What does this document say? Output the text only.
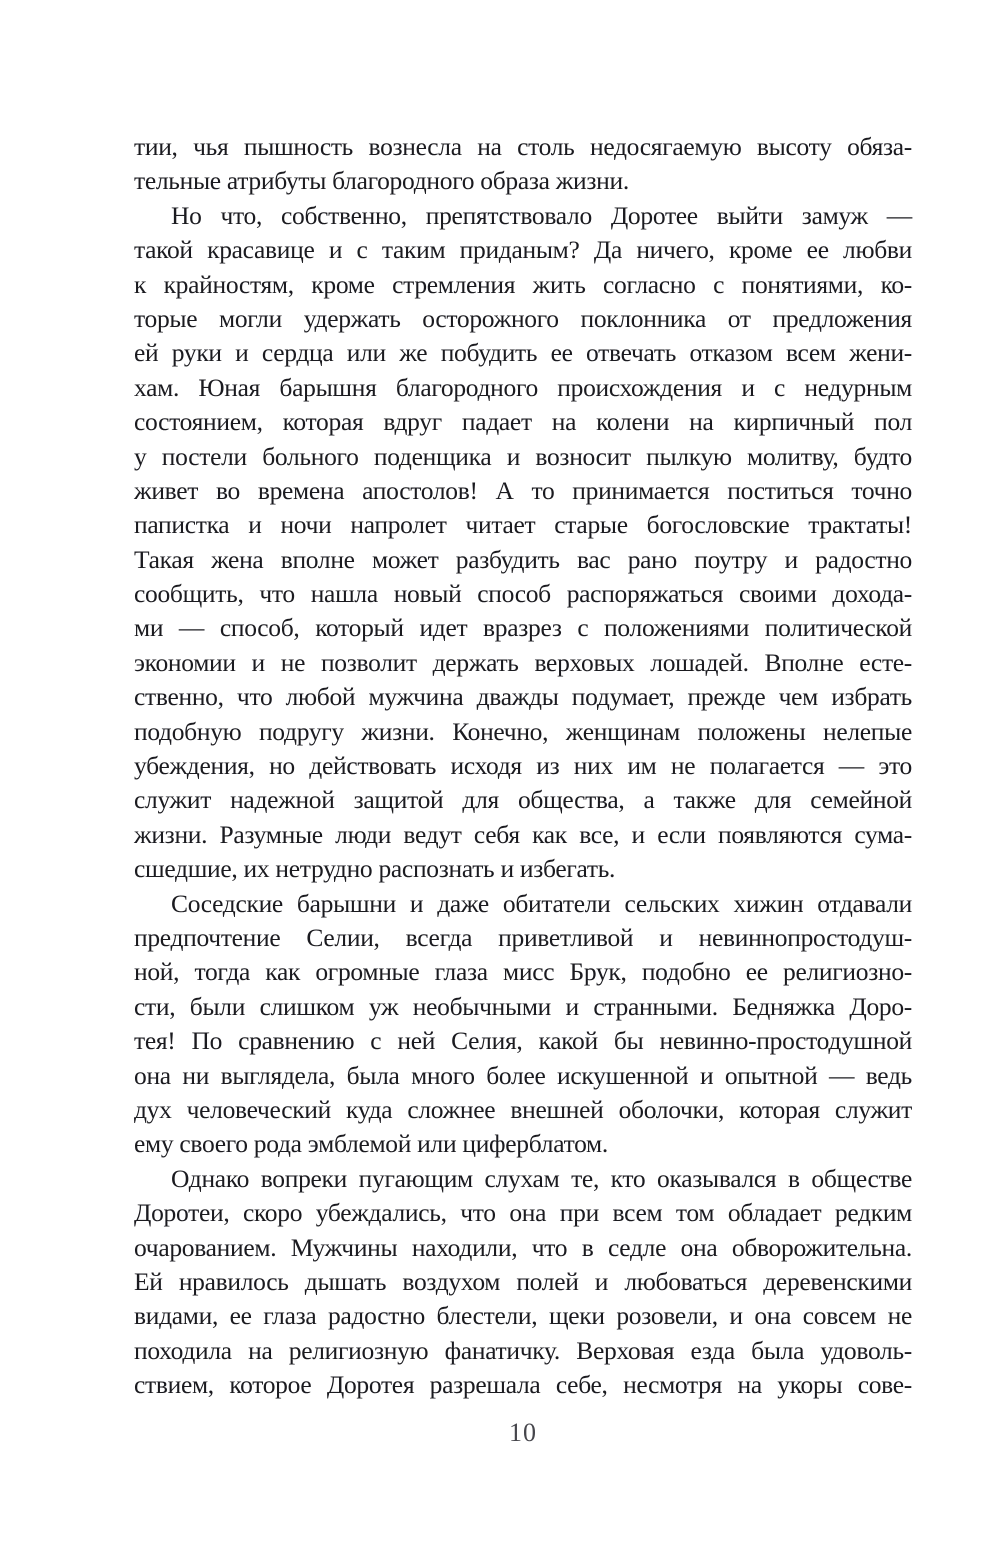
тии, чья пышность вознесла на столь недосягаемую высоту обяза-
тельные атрибуты благородного образа жизни.
Но что, собственно, препятствовало Доротее выйти замуж —
такой красавице и с таким приданым? Да ничего, кроме ее любви
к крайностям, кроме стремления жить согласно с понятиями, ко-
торые могли удержать осторожного поклонника от предложения
ей руки и сердца или же побудить ее отвечать отказом всем жени-
хам. Юная барышня благородного происхождения и с недурным
состоянием, которая вдруг падает на колени на кирпичный пол
у постели больного поденщика и возносит пылкую молитву, будто
живет во времена апостолов! А то принимается поститься точно
папистка и ночи напролет читает старые богословские трактаты!
Такая жена вполне может разбудить вас рано поутру и радостно
сообщить, что нашла новый способ распоряжаться своими дохода-
ми — способ, который идет вразрез с положениями политической
экономии и не позволит держать верховых лошадей. Вполне есте-
ственно, что любой мужчина дважды подумает, прежде чем избрать
подобную подругу жизни. Конечно, женщинам положены нелепые
убеждения, но действовать исходя из них им не полагается — это
служит надежной защитой для общества, а также для семейной
жизни. Разумные люди ведут себя как все, и если появляются сума-
сшедшие, их нетрудно распознать и избегать.
Соседские барышни и даже обитатели сельских хижин отдавали
предпочтение Селии, всегда приветливой и невиннопростодуш-
ной, тогда как огромные глаза мисс Брук, подобно ее религиозно-
сти, были слишком уж необычными и странными. Бедняжка Доро-
тея! По сравнению с ней Селия, какой бы невинно-простодушной
она ни выглядела, была много более искушенной и опытной — ведь
дух человеческий куда сложнее внешней оболочки, которая служит
ему своего рода эмблемой или циферблатом.
Однако вопреки пугающим слухам те, кто оказывался в обществе
Доротеи, скоро убеждались, что она при всем том обладает редким
очарованием. Мужчины находили, что в седле она обворожительна.
Ей нравилось дышать воздухом полей и любоваться деревенскими
видами, ее глаза радостно блестели, щеки розовели, и она совсем не
походила на религиозную фанатичку. Верховая езда была удоволь-
ствием, которое Доротея разрешала себе, несмотря на укоры сове-
10
